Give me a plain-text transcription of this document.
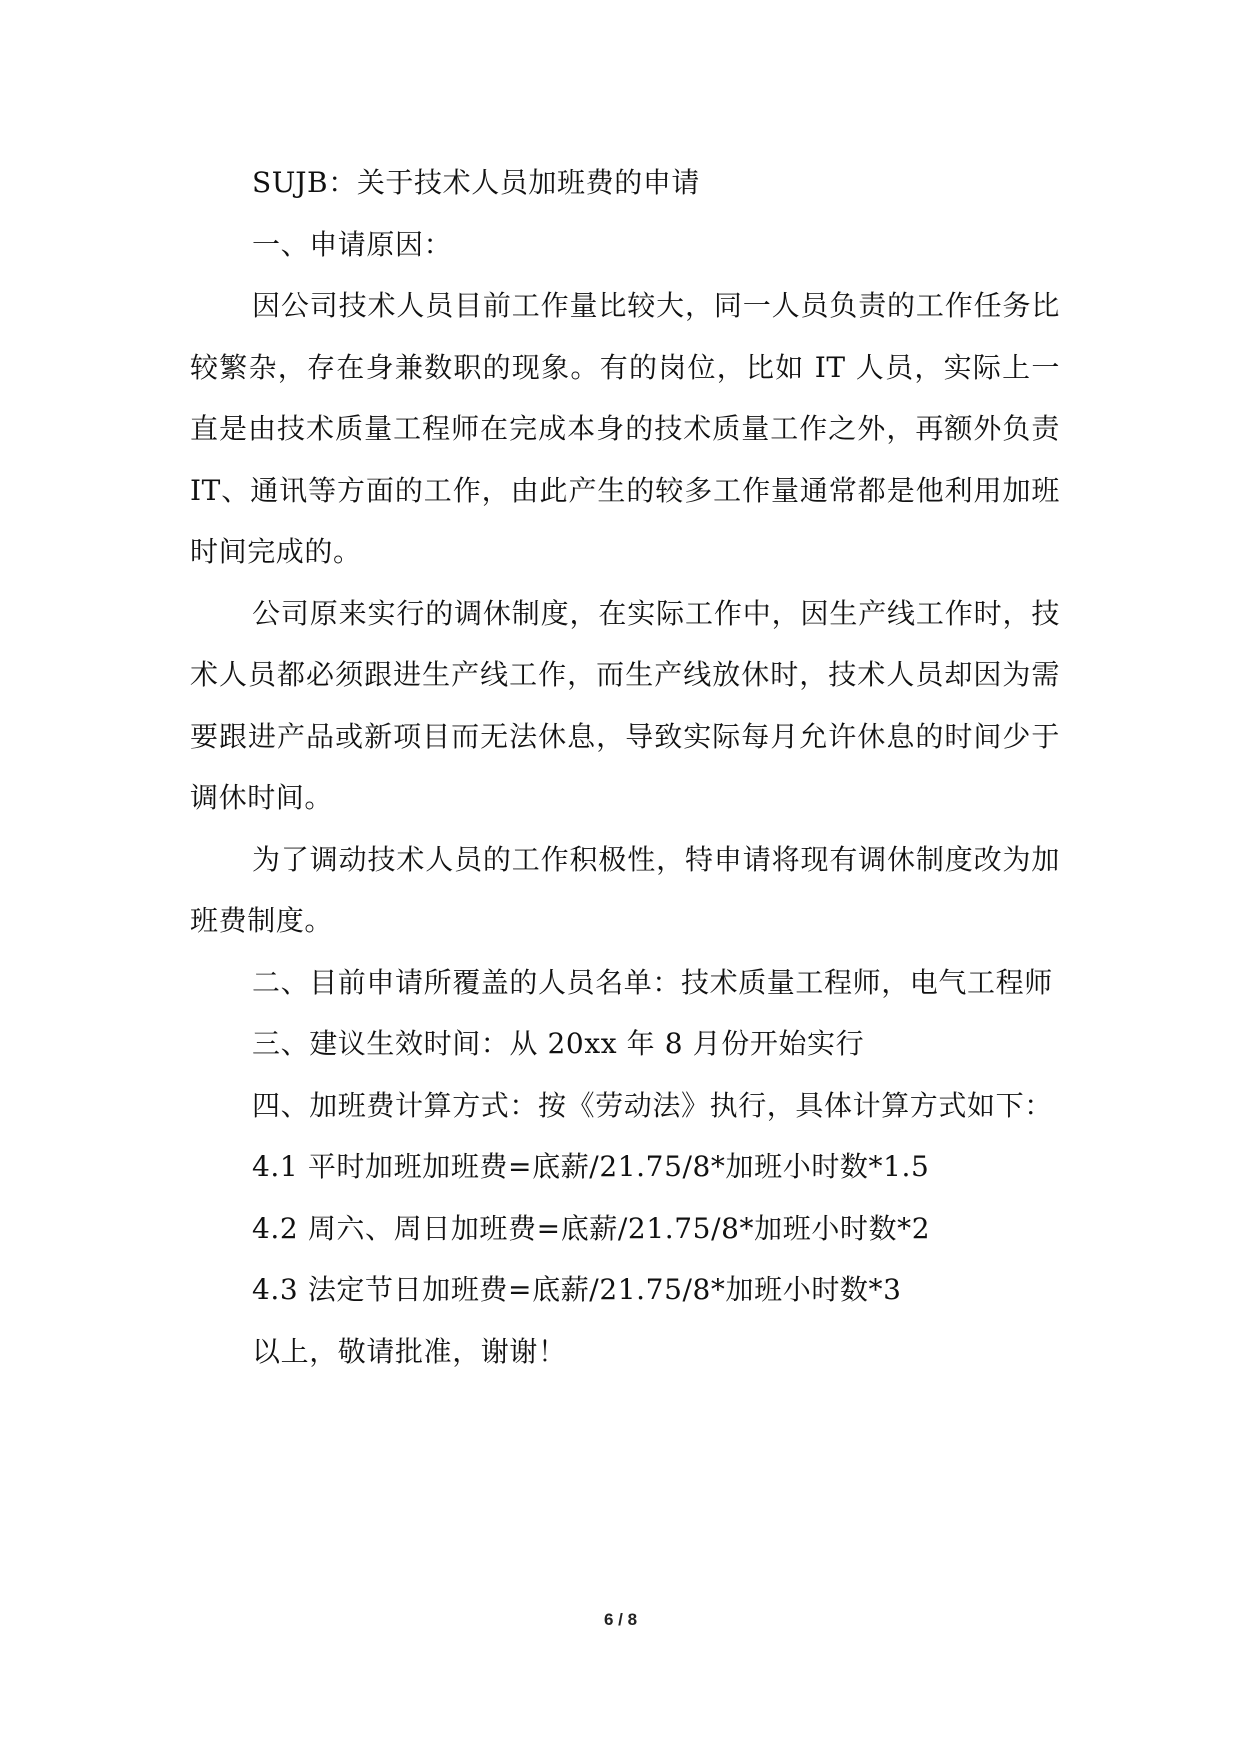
SUJB：关于技术人员加班费的申请

一、申请原因：

因公司技术人员目前工作量比较大，同一人员负责的工作任务比较繁杂，存在身兼数职的现象。有的岗位，比如 IT 人员，实际上一直是由技术质量工程师在完成本身的技术质量工作之外，再额外负责 IT、通讯等方面的工作，由此产生的较多工作量通常都是他利用加班时间完成的。

公司原来实行的调休制度，在实际工作中，因生产线工作时，技术人员都必须跟进生产线工作，而生产线放休时，技术人员却因为需要跟进产品或新项目而无法休息，导致实际每月允许休息的时间少于调休时间。

为了调动技术人员的工作积极性，特申请将现有调休制度改为加班费制度。

二、目前申请所覆盖的人员名单：技术质量工程师，电气工程师

三、建议生效时间：从 20xx 年 8 月份开始实行

四、加班费计算方式：按《劳动法》执行，具体计算方式如下：

4.1 平时加班加班费=底薪/21.75/8*加班小时数*1.5

4.2 周六、周日加班费=底薪/21.75/8*加班小时数*2

4.3 法定节日加班费=底薪/21.75/8*加班小时数*3

以上，敬请批准，谢谢！

6 / 8
